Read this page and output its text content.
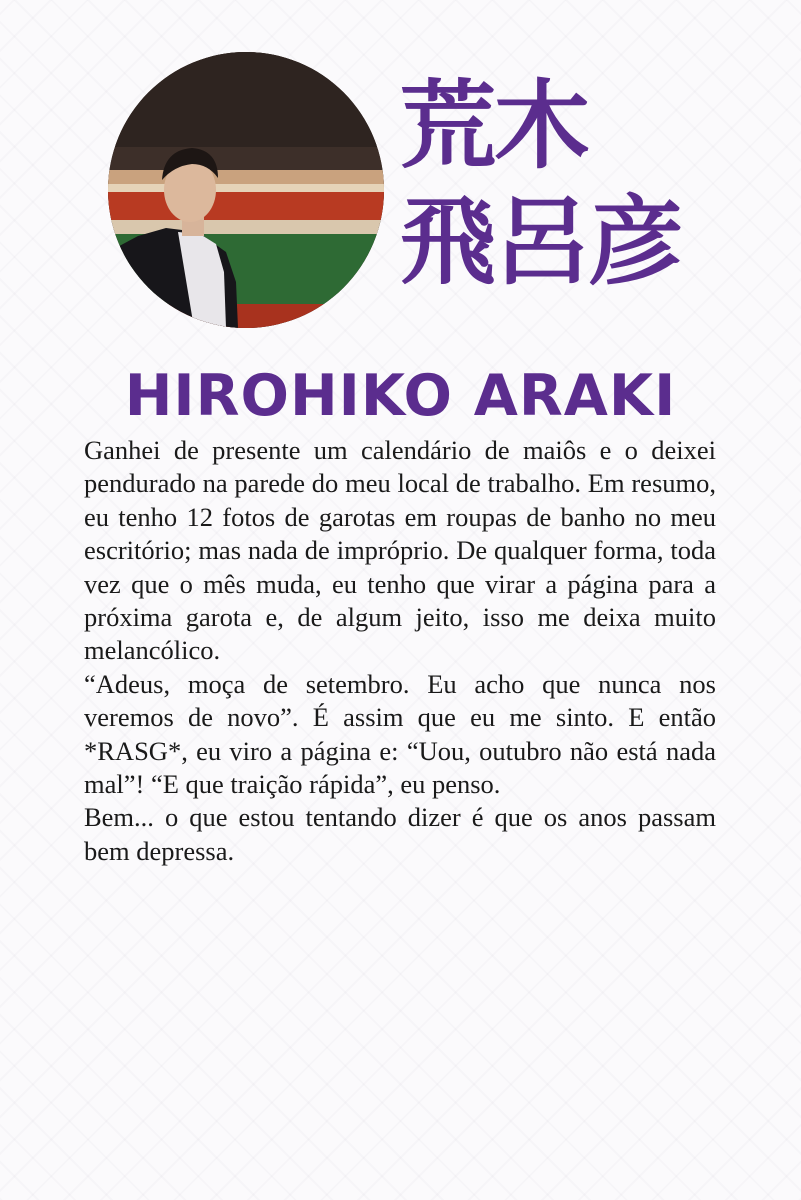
荒木
飛呂彦
HIROHIKO ARAKI

Ganhei de presente um calendário de maiôs e o deixei pendurado na parede do meu local de trabalho. Em resumo, eu tenho 12 fotos de garotas em roupas de banho no meu escritório; mas nada de impróprio. De qualquer forma, toda vez que o mês muda, eu tenho que virar a página para a próxima garota e, de algum jeito, isso me deixa muito melancólico.

“Adeus, moça de setembro. Eu acho que nunca nos veremos de novo”. É assim que eu me sinto. E então *RASG*, eu viro a página e: “Uou, outubro não está nada mal”! “E que traição rápida”, eu penso.

Bem... o que estou tentando dizer é que os anos passam bem depressa.
